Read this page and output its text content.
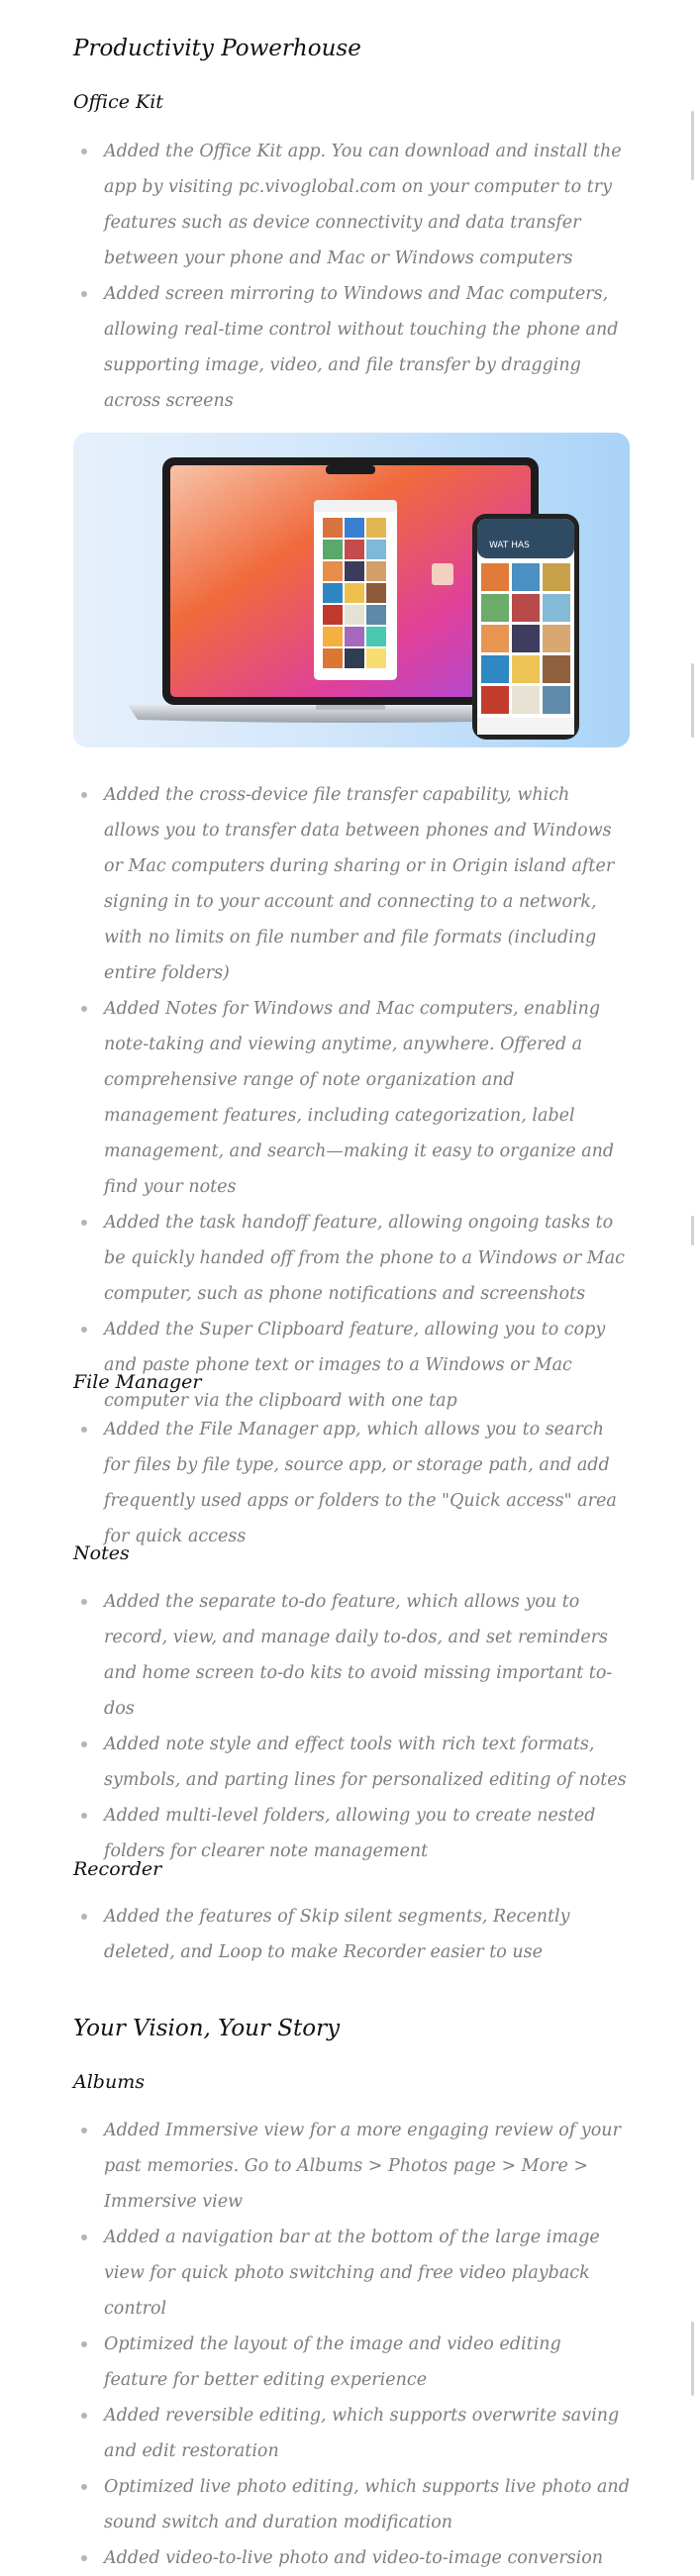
Productivity Powerhouse
Office Kit
Added the Office Kit app. You can download and install the app by visiting pc.vivoglobal.com on your computer to try features such as device connectivity and data transfer between your phone and Mac or Windows computers
Added screen mirroring to Windows and Mac computers, allowing real-time control without touching the phone and supporting image, video, and file transfer by dragging across screens
WAT HAS
Added the cross-device file transfer capability, which allows you to transfer data between phones and Windows or Mac computers during sharing or in Origin island after signing in to your account and connecting to a network, with no limits on file number and file formats (including entire folders)
Added Notes for Windows and Mac computers, enabling note-taking and viewing anytime, anywhere. Offered a comprehensive range of note organization and management features, including categorization, label management, and search—making it easy to organize and find your notes
Added the task handoff feature, allowing ongoing tasks to be quickly handed off from the phone to a Windows or Mac computer, such as phone notifications and screenshots
Added the Super Clipboard feature, allowing you to copy and paste phone text or images to a Windows or Mac computer via the clipboard with one tap
File Manager
Added the File Manager app, which allows you to search for files by file type, source app, or storage path, and add frequently used apps or folders to the "Quick access" area for quick access
Notes
Added the separate to-do feature, which allows you to record, view, and manage daily to-dos, and set reminders and home screen to-do kits to avoid missing important to-dos
Added note style and effect tools with rich text formats, symbols, and parting lines for personalized editing of notes
Added multi-level folders, allowing you to create nested folders for clearer note management
Recorder
Added the features of Skip silent segments, Recently deleted, and Loop to make Recorder easier to use
Your Vision, Your Story
Albums
Added Immersive view for a more engaging review of your past memories. Go to Albums > Photos page > More > Immersive view
Added a navigation bar at the bottom of the large image view for quick photo switching and free video playback control
Optimized the layout of the image and video editing feature for better editing experience
Added reversible editing, which supports overwrite saving and edit restoration
Optimized live photo editing, which supports live photo and sound switch and duration modification
Added video-to-live photo and video-to-image conversion
